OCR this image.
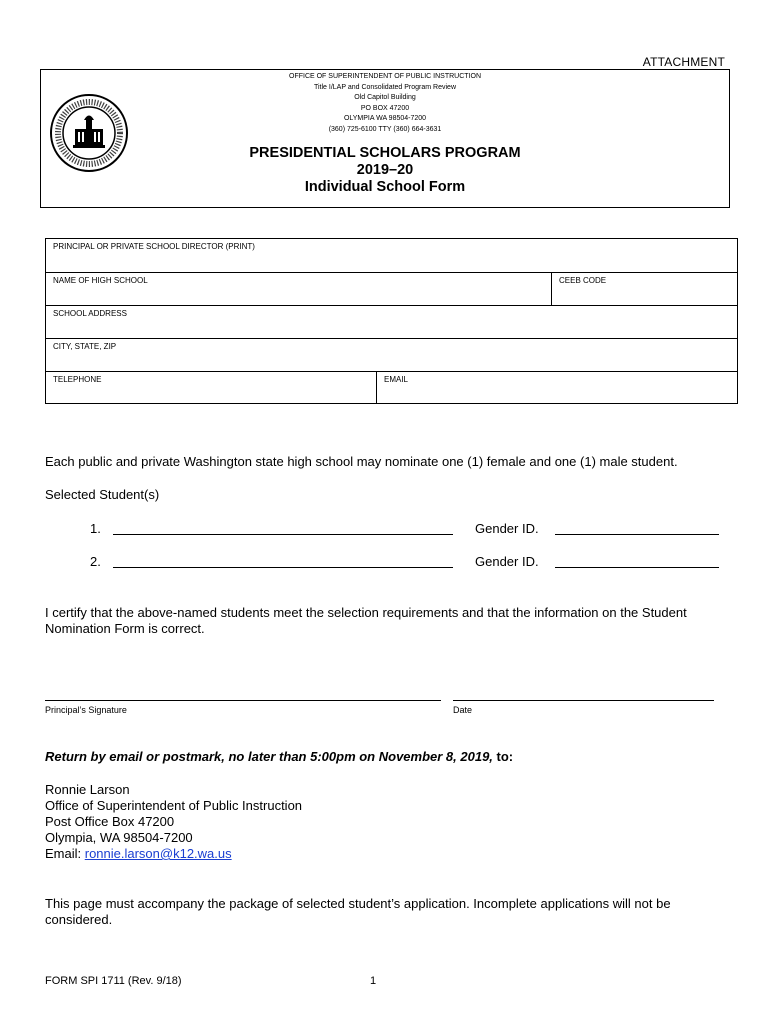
ATTACHMENT
OFFICE OF SUPERINTENDENT OF PUBLIC INSTRUCTION
Title I/LAP and Consolidated Program Review
Old Capitol Building
PO BOX 47200
OLYMPIA WA 98504-7200
(360) 725-6100 TTY (360) 664-3631
PRESIDENTIAL SCHOLARS PROGRAM
2019–20
Individual School Form
PRINCIPAL OR PRIVATE SCHOOL DIRECTOR (PRINT)
NAME OF HIGH SCHOOL	CEEB CODE
SCHOOL ADDRESS
CITY, STATE, ZIP
TELEPHONE	EMAIL
Each public and private Washington state high school may nominate one (1) female and one (1) male student.
Selected Student(s)
1.	Gender ID.
2.	Gender ID.
I certify that the above-named students meet the selection requirements and that the information on the Student Nomination Form is correct.
Principal’s Signature	Date
Return by email or postmark, no later than 5:00pm on November 8, 2019, to:
Ronnie Larson
Office of Superintendent of Public Instruction
Post Office Box 47200
Olympia, WA 98504-7200
Email: ronnie.larson@k12.wa.us
This page must accompany the package of selected student’s application. Incomplete applications will not be considered.
FORM SPI 1711 (Rev. 9/18)	1
